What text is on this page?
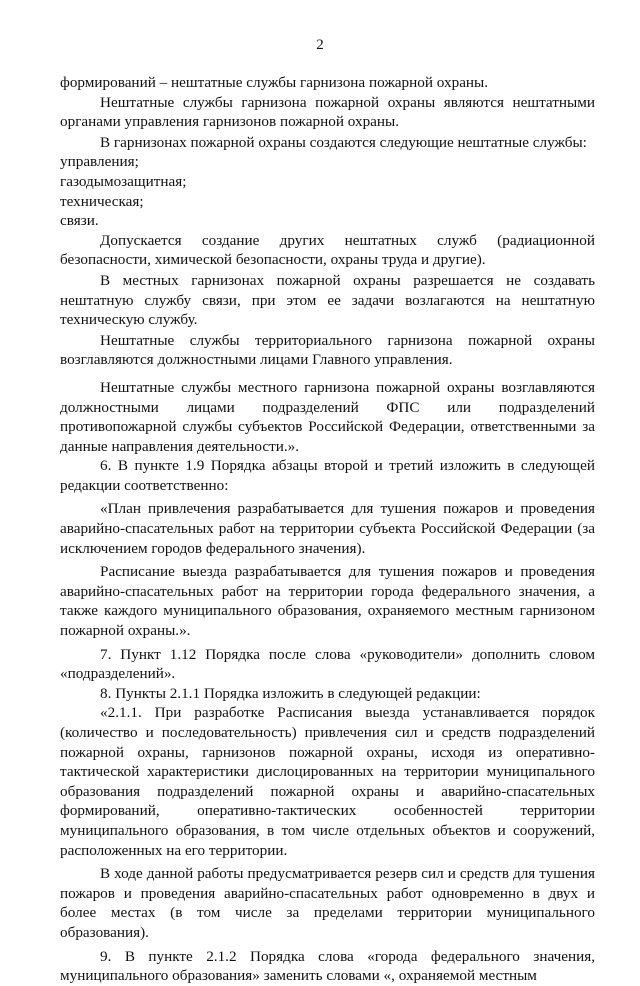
2

формирований – нештатные службы гарнизона пожарной охраны.

Нештатные службы гарнизона пожарной охраны являются нештатными органами управления гарнизонов пожарной охраны.

В гарнизонах пожарной охраны создаются следующие нештатные службы:

управления;

газодымозащитная;

техническая;

связи.

Допускается создание других нештатных служб (радиационной безопасности, химической безопасности, охраны труда и другие).

В местных гарнизонах пожарной охраны разрешается не создавать нештатную службу связи, при этом ее задачи возлагаются на нештатную техническую службу.

Нештатные службы территориального гарнизона пожарной охраны возглавляются должностными лицами Главного управления.

Нештатные службы местного гарнизона пожарной охраны возглавляются должностными лицами подразделений ФПС или подразделений противопожарной службы субъектов Российской Федерации, ответственными за данные направления деятельности.».

6. В пункте 1.9 Порядка абзацы второй и третий изложить в следующей редакции соответственно:

«План привлечения разрабатывается для тушения пожаров и проведения аварийно-спасательных работ на территории субъекта Российской Федерации (за исключением городов федерального значения).

Расписание выезда разрабатывается для тушения пожаров и проведения аварийно-спасательных работ на территории города федерального значения, а также каждого муниципального образования, охраняемого местным гарнизоном пожарной охраны.».

7. Пункт 1.12 Порядка после слова «руководители» дополнить словом «подразделений».

8. Пункты 2.1.1 Порядка изложить в следующей редакции:

«2.1.1. При разработке Расписания выезда устанавливается порядок (количество и последовательность) привлечения сил и средств подразделений пожарной охраны, гарнизонов пожарной охраны, исходя из оперативно-тактической характеристики дислоцированных на территории муниципального образования подразделений пожарной охраны и аварийно-спасательных формирований, оперативно-тактических особенностей территории муниципального образования, в том числе отдельных объектов и сооружений, расположенных на его территории.

В ходе данной работы предусматривается резерв сил и средств для тушения пожаров и проведения аварийно-спасательных работ одновременно в двух и более местах (в том числе за пределами территории муниципального образования).

9. В пункте 2.1.2 Порядка слова «города федерального значения, муниципального образования» заменить словами «, охраняемой местным
